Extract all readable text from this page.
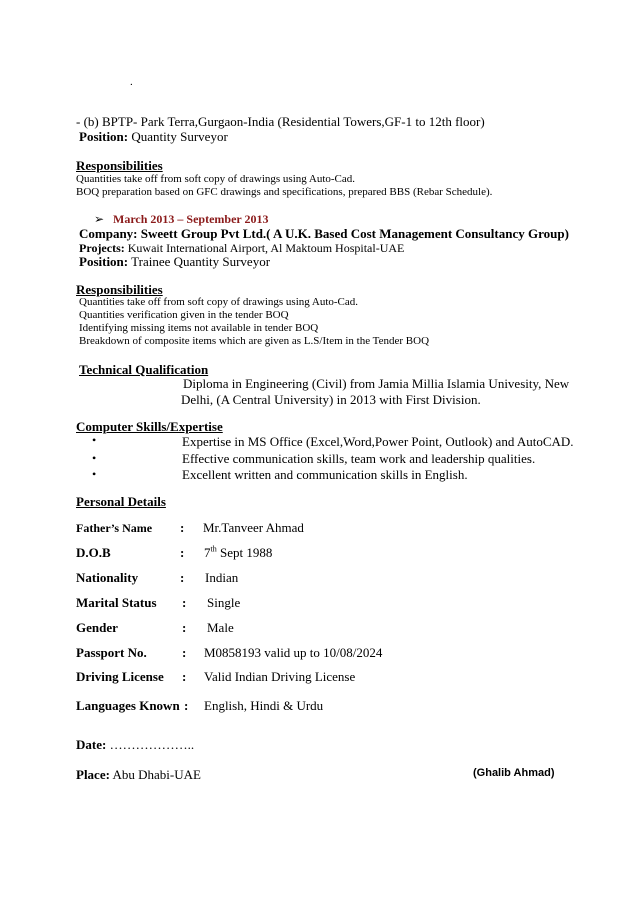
.
- (b) BPTP- Park Terra,Gurgaon-India (Residential Towers,GF-1 to 12th floor)
Position: Quantity Surveyor
Responsibilities
Quantities take off from soft copy of drawings using Auto-Cad.
BOQ preparation based on GFC drawings and specifications, prepared BBS (Rebar Schedule).
➢ March 2013 – September 2013
Company: Sweett Group Pvt Ltd.( A U.K. Based Cost Management Consultancy Group)
Projects: Kuwait International Airport, Al Maktoum Hospital-UAE
Position: Trainee Quantity Surveyor
Responsibilities
Quantities take off from soft copy of drawings using Auto-Cad.
Quantities verification given in the tender BOQ
Identifying missing items not available in tender BOQ
Breakdown of composite items which are given as L.S/Item in the Tender BOQ
Technical Qualification
Diploma in Engineering (Civil) from Jamia Millia Islamia Univesity, New
Delhi, (A Central University) in 2013 with First Division.
Computer Skills/Expertise
•	Expertise in MS Office (Excel,Word,Power Point, Outlook) and AutoCAD.
•	Effective communication skills, team work and leadership qualities.
•	Excellent written and communication skills in English.
Personal Details
Father’s Name : Mr.Tanveer Ahmad
D.O.B	: 7th Sept 1988
Nationality	: Indian
Marital Status : Single
Gender	: Male
Passport No.	: M0858193 valid up to 10/08/2024
Driving License : Valid Indian Driving License
Languages Known : English, Hindi & Urdu
Date: ………………..
Place: Abu Dhabi-UAE	(Ghalib Ahmad)
